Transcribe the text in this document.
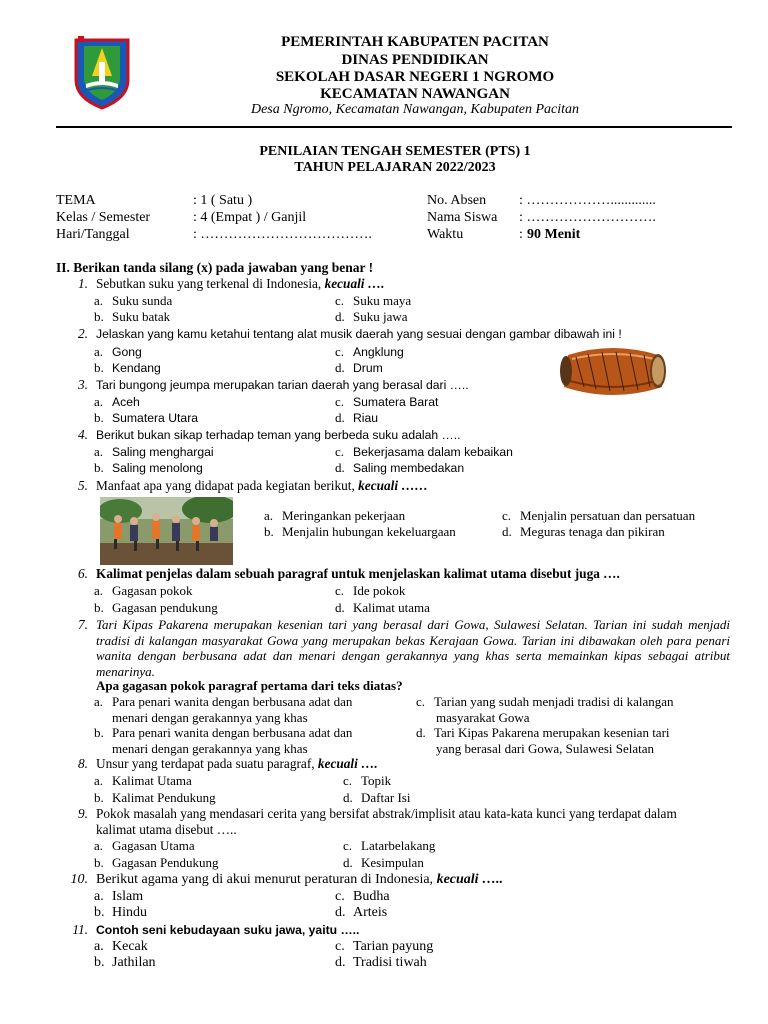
PEMERINTAH KABUPATEN PACITAN
DINAS PENDIDIKAN
SEKOLAH DASAR NEGERI 1 NGROMO
KECAMATAN NAWANGAN
Desa Ngromo, Kecamatan Nawangan, Kabupaten Pacitan
PENILAIAN TENGAH SEMESTER (PTS) 1
TAHUN PELAJARAN 2022/2023
TEMA	: 1 ( Satu )
Kelas / Semester	: 4 (Empat ) / Ganjil
Hari/Tanggal	: ……………………………….
No. Absen : ……………….............
Nama Siswa : ……………………….
Waktu	: 90 Menit
II. Berikan tanda silang (x) pada jawaban yang benar !
1. Sebutkan suku yang terkenal di Indonesia, kecuali ….
a. Suku sunda
b. Suku batak
c. Suku maya
d. Suku jawa
2. Jelaskan yang kamu ketahui tentang alat musik daerah yang sesuai dengan gambar dibawah ini !
a. Gong
b. Kendang
c. Angklung
d. Drum
3. Tari bungong jeumpa merupakan tarian daerah yang berasal dari …..
a. Aceh
b. Sumatera Utara
c. Sumatera Barat
d. Riau
4. Berikut bukan sikap terhadap teman yang berbeda suku adalah …..
a. Saling menghargai
b. Saling menolong
c. Bekerjasama dalam kebaikan
d. Saling membedakan
5. Manfaat apa yang didapat pada kegiatan berikut, kecuali ……
a. Meringankan pekerjaan
b. Menjalin hubungan kekeluargaan
c. Menjalin persatuan dan persatuan
d. Meguras tenaga dan pikiran
6. Kalimat penjelas dalam sebuah paragraf untuk menjelaskan kalimat utama disebut juga ….
a. Gagasan pokok
b. Gagasan pendukung
c. Ide pokok
d. Kalimat utama
7. Tari Kipas Pakarena merupakan kesenian tari yang berasal dari Gowa, Sulawesi Selatan. Tarian ini sudah menjadi tradisi di kalangan masyarakat Gowa yang merupakan bekas Kerajaan Gowa. Tarian ini dibawakan oleh para penari wanita dengan berbusana adat dan menari dengan gerakannya yang khas serta memainkan kipas sebagai atribut menarinya.
Apa gagasan pokok paragraf pertama dari teks diatas?
a. Para penari wanita dengan berbusana adat dan
menari dengan gerakannya yang khas
b. Para penari wanita dengan berbusana adat dan
menari dengan gerakannya yang khas
c. Tarian yang sudah menjadi tradisi di kalangan
masyarakat Gowa
d. Tari Kipas Pakarena merupakan kesenian tari
yang berasal dari Gowa, Sulawesi Selatan
8. Unsur yang terdapat pada suatu paragraf, kecuali ….
a. Kalimat Utama
b. Kalimat Pendukung
c. Topik
d. Daftar Isi
9. Pokok masalah yang mendasari cerita yang bersifat abstrak/implisit atau kata-kata kunci yang terdapat dalam
kalimat utama disebut …..
a. Gagasan Utama
b. Gagasan Pendukung
c. Latarbelakang
d. Kesimpulan
10. Berikut agama yang di akui menurut peraturan di Indonesia, kecuali …..
a. Islam
b. Hindu
c. Budha
d. Arteis
11. Contoh seni kebudayaan suku jawa, yaitu …..
a. Kecak
b. Jathilan
c. Tarian payung
d. Tradisi tiwah
